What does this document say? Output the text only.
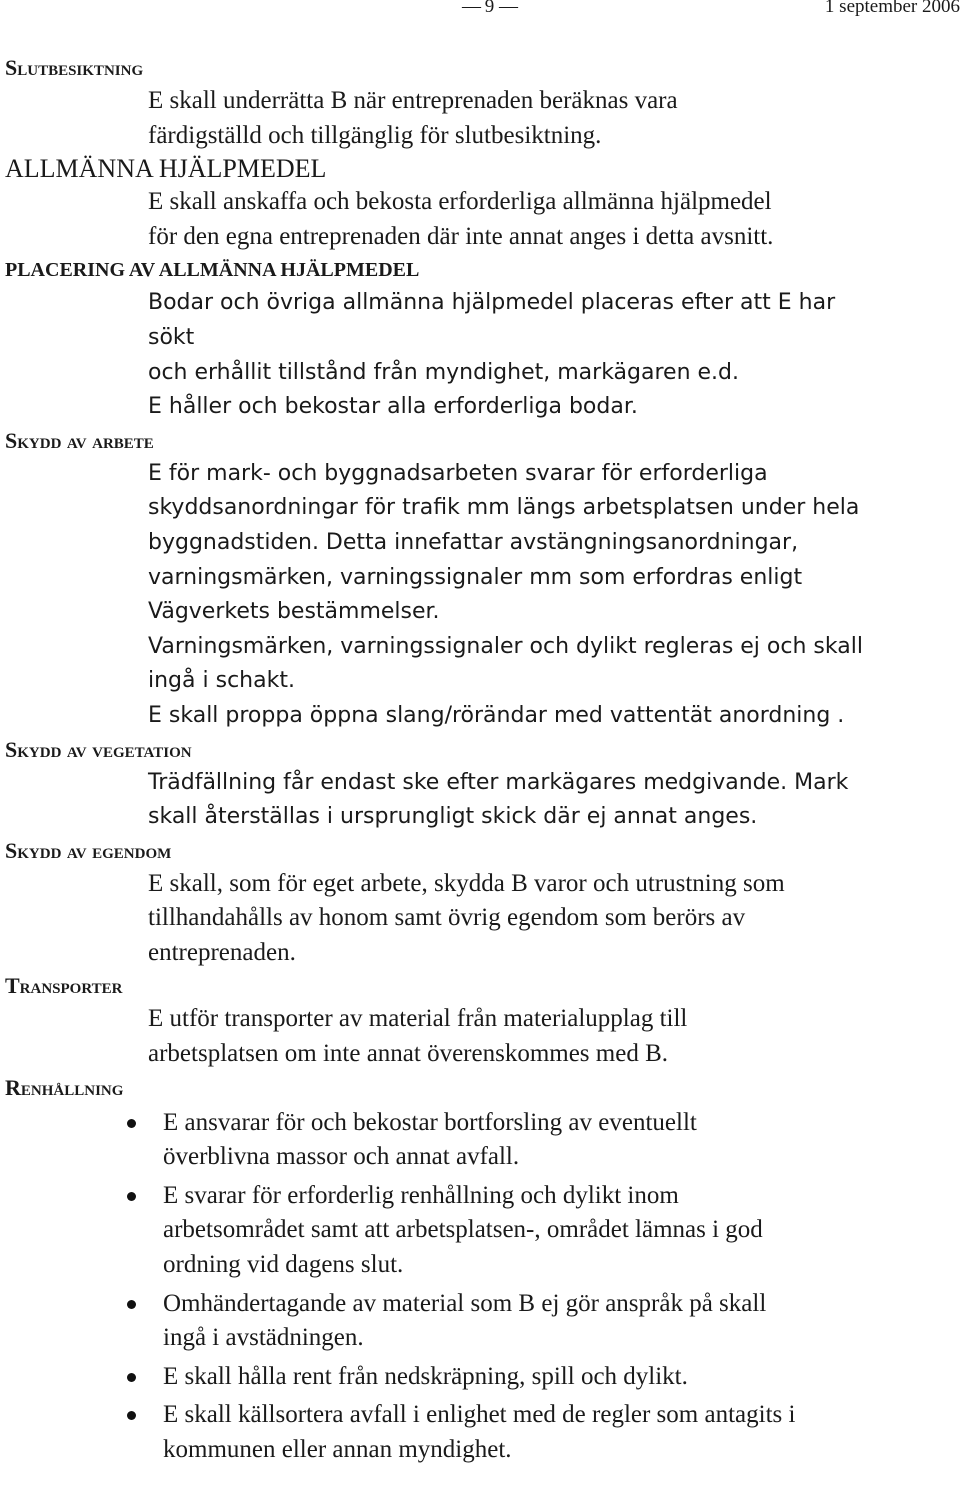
— 9 —	1 september 2006
Slutbesiktning
E skall underrätta B när entreprenaden beräknas vara
färdigställd och tillgänglig för slutbesiktning.
ALLMÄNNA HJÄLPMEDEL
E skall anskaffa och bekosta erforderliga allmänna hjälpmedel
för den egna entreprenaden där inte annat anges i detta avsnitt.
PLACERING AV ALLMÄNNA HJÄLPMEDEL
Bodar och övriga allmänna hjälpmedel placeras efter att E har
sökt
och erhållit tillstånd från myndighet, markägaren e.d.
E håller och bekostar alla erforderliga bodar.
Skydd av arbete
E för mark- och byggnadsarbeten svarar för erforderliga
skyddsanordningar för trafik mm längs arbetsplatsen under hela
byggnadstiden. Detta innefattar avstängningsanordningar,
varningsmärken, varningssignaler mm som erfordras enligt
Vägverkets bestämmelser.
Varningsmärken, varningssignaler och dylikt regleras ej och skall
ingå i schakt.
E skall proppa öppna slang/rörändar med vattentät anordning .
Skydd av vegetation
Trädfällning får endast ske efter markägares medgivande. Mark
skall återställas i ursprungligt skick där ej annat anges.
Skydd av egendom
E skall, som för eget arbete, skydda B varor och utrustning som
tillhandahålls av honom samt övrig egendom som berörs av
entreprenaden.
Transporter
E utför transporter av material från materialupplag till
arbetsplatsen om inte annat överenskommes med B.
Renhållning
E ansvarar för och bekostar bortforsling av eventuellt
överblivna massor och annat avfall.
E svarar för erforderlig renhållning och dylikt inom
arbetsområdet samt att arbetsplatsen-, området lämnas i god
ordning vid dagens slut.
Omhändertagande av material som B ej gör anspråk på skall
ingå i avstädningen.
E skall hålla rent från nedskräpning, spill och dylikt.
E skall källsortera avfall i enlighet med de regler som antagits i
kommunen eller annan myndighet.
